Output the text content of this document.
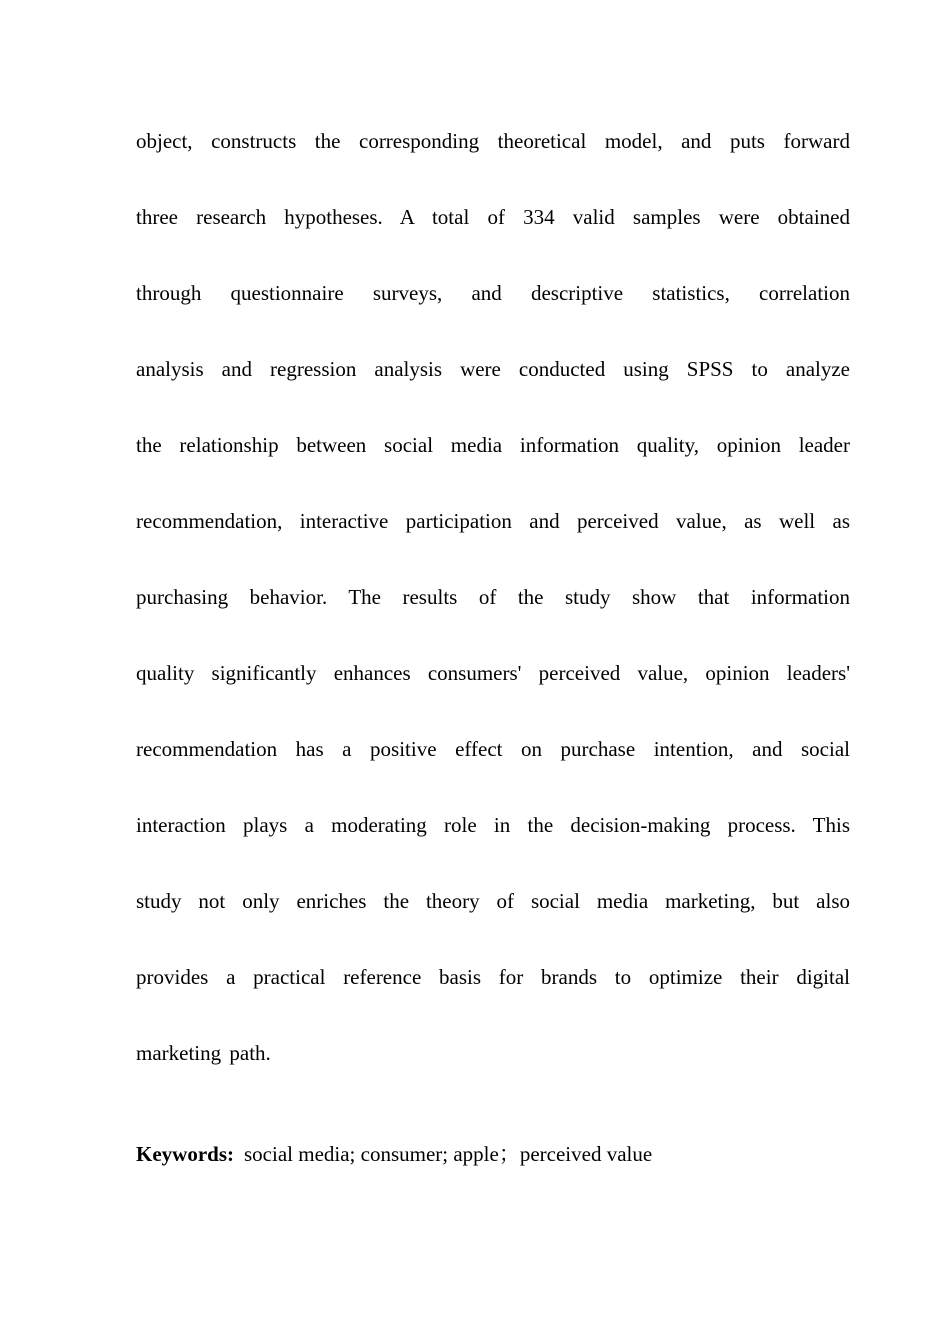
object, constructs the corresponding theoretical model, and puts forward
three research hypotheses. A total of 334 valid samples were obtained
through questionnaire surveys, and descriptive statistics, correlation
analysis and regression analysis were conducted using SPSS to analyze
the relationship between social media information quality, opinion leader
recommendation, interactive participation and perceived value, as well as
purchasing behavior. The results of the study show that information
quality significantly enhances consumers' perceived value, opinion leaders'
recommendation has a positive effect on purchase intention, and social
interaction plays a moderating role in the decision-making process. This
study not only enriches the theory of social media marketing, but also
provides a practical reference basis for brands to optimize their digital
marketing path.
Keywords: social media; consumer; apple；perceived value
